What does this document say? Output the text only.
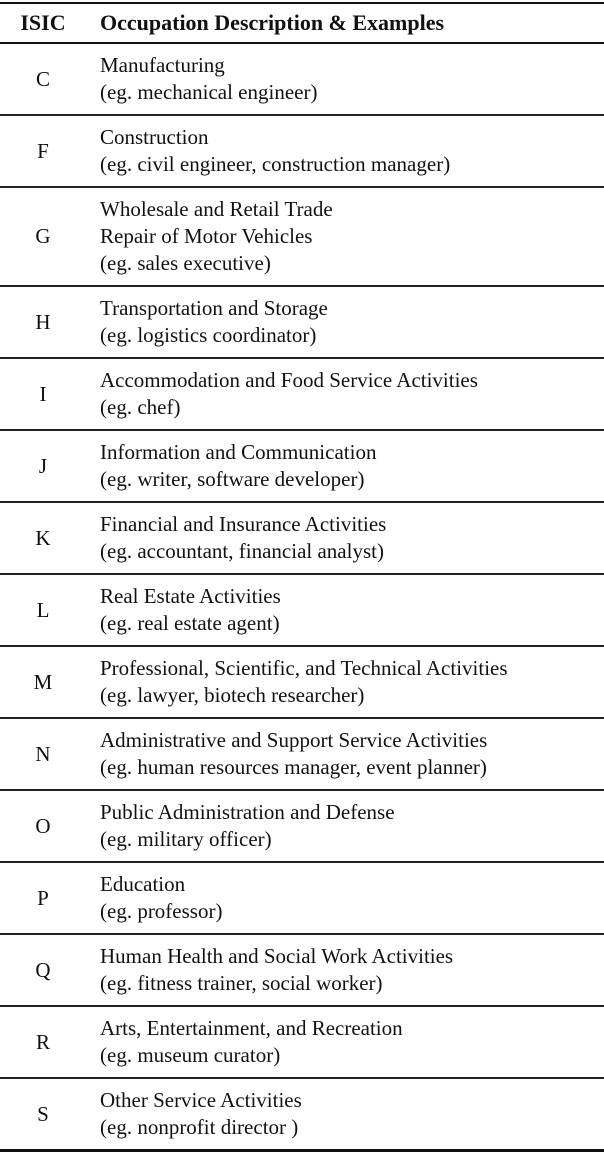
ISIC	Occupation Description & Examples
C	Manufacturing
(eg. mechanical engineer)

F	Construction
(eg. civil engineer, construction manager)

G	Wholesale and Retail Trade
Repair of Motor Vehicles
(eg. sales executive)

H	Transportation and Storage
(eg. logistics coordinator)

I	Accommodation and Food Service Activities
(eg. chef)

J	Information and Communication
(eg. writer, software developer)

K	Financial and Insurance Activities
(eg. accountant, financial analyst)

L	Real Estate Activities
(eg. real estate agent)

M	Professional, Scientific, and Technical Activities
(eg. lawyer, biotech researcher)

N	Administrative and Support Service Activities
(eg. human resources manager, event planner)

O	Public Administration and Defense
(eg. military officer)

P	Education
(eg. professor)

Q	Human Health and Social Work Activities
(eg. fitness trainer, social worker)

R	Arts, Entertainment, and Recreation
(eg. museum curator)

S	Other Service Activities
(eg. nonprofit director )
